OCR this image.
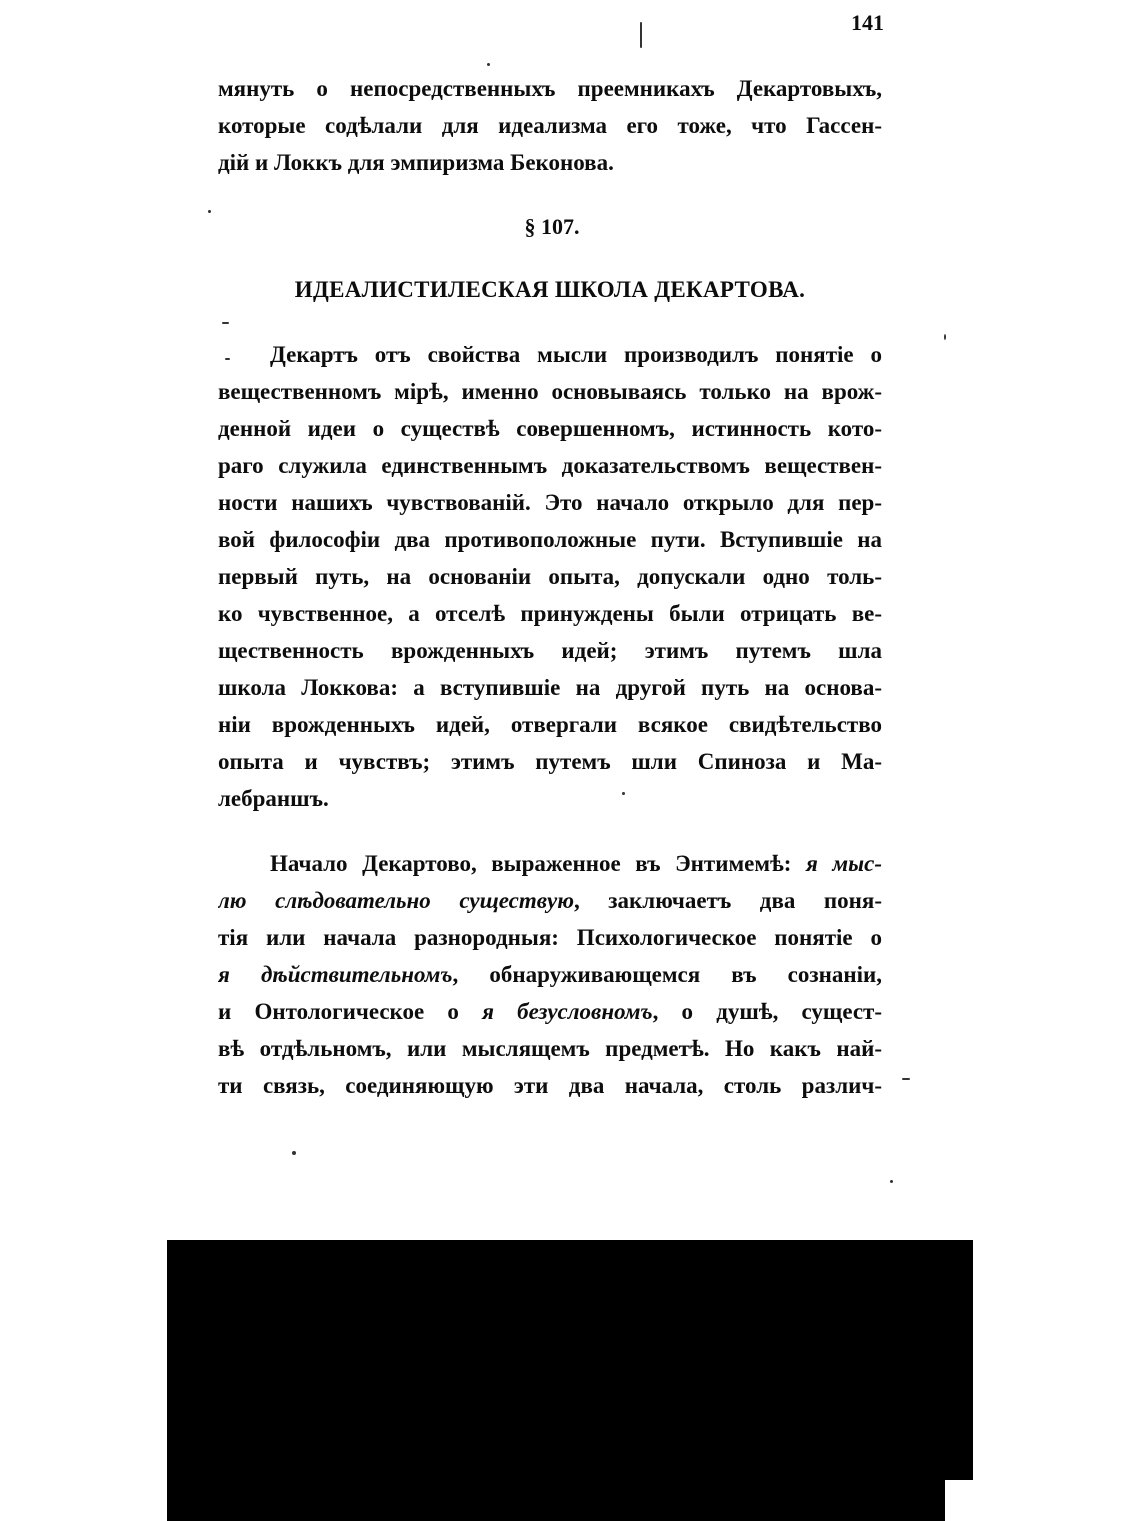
141
мянуть о непосредственныхъ преемникахъ Декартовыхъ,
которые содѣлали для идеализма его тоже, что Гассен-
дій и Локкъ для эмпиризма Беконова.
§ 107.
ИДЕАЛИСТИЛЕСКАЯ ШКОЛА ДЕКАРТОВА.
Декартъ отъ свойства мысли производилъ понятіе о
вещественномъ мірѣ, именно основываясь только на врож-
денной идеи о существѣ совершенномъ, истинность кото-
раго служила единственнымъ доказательствомъ веществен-
ности нашихъ чувствованій. Это начало открыло для пер-
вой философіи два противоположные пути. Вступившіе на
первый путь, на основаніи опыта, допускали одно толь-
ко чувственное, а отселѣ принуждены были отрицать ве-
щественность врожденныхъ идей; этимъ путемъ шла
школа Локкова: а вступившіе на другой путь на основа-
ніи врожденныхъ идей, отвергали всякое свидѣтельство
опыта и чувствъ; этимъ путемъ шли Спиноза и Ма-
лебраншъ.
Начало Декартово, выраженное въ Энтимемѣ: я мыс-
лю слѣдовательно существую, заключаетъ два поня-
тія или начала разнородныя: Психологическое понятіе о
я дѣйствительномъ, обнаруживающемся въ сознаніи,
и Онтологическое о я безусловномъ, о душѣ, сущест-
вѣ отдѣльномъ, или мыслящемъ предметѣ. Но какъ най-
ти связь, соединяющую эти два начала, столь различ-
